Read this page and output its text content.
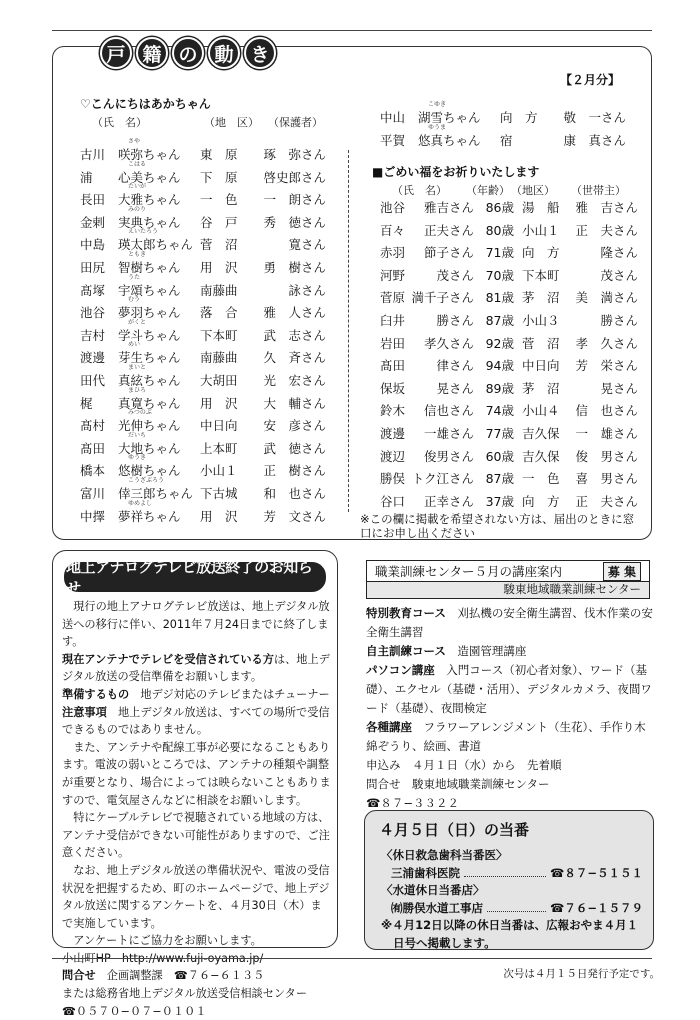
戸 籍 の 動 き
【２月分】
♡こんにちはあかちゃん
（氏　名）	（地　区） （保護者）
古川
さや
咲弥ちゃん	東　原	琢　弥さん
浦
こはる
心美ちゃん	下　原	啓史郎さん
長田
たいが
大雅ちゃん	一　色	一　朗さん
金剌
みのり
実典ちゃん	谷　戸	秀　徳さん
中島
えいたろう
瑛太郎ちゃん 菅　沼	寛さん
田尻
ともき
智樹ちゃん	用　沢	勇　樹さん
髙塚
うた
宇頌ちゃん	南藤曲	詠さん
池谷
むう
夢羽ちゃん	落　合	雅　人さん
吉村
がくと
学斗ちゃん	下本町	武　志さん
渡邊
めい
芽生ちゃん	南藤曲	久　斉さん
田代
まいと
真絃ちゃん	大胡田	光　宏さん
梶
まひろ
真寛ちゃん	用　沢	大　輔さん
髙村
みつのぶ
光伸ちゃん	中日向	安　彦さん
髙田
だいち
大地ちゃん	上本町	武　徳さん
橋本
ゆうき
悠樹ちゃん	小山１	正　樹さん
富川
こうざぶろう
倖三郎ちゃん 下古城	和　也さん
中擇
ゆめよし
夢祥ちゃん	用　沢	芳　文さん
中山
こゆき
湖雪ちゃん	向　方	敬　一さん
平賀
ゆうま
悠真ちゃん	宿	康　真さん
■ごめい福をお祈りいたします
（氏　名）	（年齢） （地区）	（世帯主）
池谷	雅吉さん 86歳 湯　船	雅　吉さん
百々	正夫さん 80歳 小山１	正　夫さん
赤羽	節子さん 71歳 向　方	隆さん
河野	茂さん 70歳 下本町	茂さん
菅原 満千子さん 81歳 茅　沼	美　満さん
臼井	勝さん 87歳 小山３	勝さん
岩田	孝久さん 92歳 菅　沼	孝　久さん
髙田	律さん 94歳 中日向	芳　栄さん
保坂	晃さん 89歳 茅　沼	晃さん
鈴木	信也さん 74歳 小山４	信　也さん
渡邊	一雄さん 77歳 吉久保	一　雄さん
渡辺	俊男さん 60歳 吉久保	俊　男さん
勝俣 トク江さん 87歳 一　色	喜　男さん
谷口	正幸さん 37歳 向　方	正　夫さん
※この欄に掲載を希望されない方は、届出のときに窓口にお申し出ください
地上アナログテレビ放送終了のお知らせ

　現行の地上アナログテレビ放送は、地上デジタル放送への移行に伴い、2011年７月24日までに終了します。

現在アンテナでテレビを受信されている方は、地上デジタル放送の受信準備をお願いします。

準備するもの　地デジ対応のテレビまたはチューナー

注意事項　地上デジタル放送は、すべての場所で受信できるものではありません。

　また、アンテナや配線工事が必要になることもあります。電波の弱いところでは、アンテナの種類や調整が重要となり、場合によっては映らないこともありますので、電気屋さんなどに相談をお願いします。

　特にケーブルテレビで視聴されている地域の方は、アンテナ受信ができない可能性がありますので、ご注意ください。

　なお、地上デジタル放送の準備状況や、電波の受信状況を把握するため、町のホームページで、地上デジタル放送に関するアンケートを、４月30日（木）まで実施しています。

　アンケートにご協力をお願いします。

小山町HP　http://www.fuji-oyama.jp/

問合せ　企画調整課　☎７６−６１３５

または総務省地上デジタル放送受信相談センター

☎０５７０−０７−０１０１

職業訓練センター５月の講座案内	募 集
駿東地域職業訓練センター
特別教育コース　刈払機の安全衛生講習、伐木作業の安全衛生講習
自主訓練コース　造園管理講座
パソコン講座　入門コース（初心者対象）、ワード（基礎）、エクセル（基礎・活用）、デジタルカメラ、夜間ワード（基礎）、夜間検定
各種講座　フラワーアレンジメント（生花）、手作り木綿ぞうり、絵画、書道
申込み　４月１日（水）から　先着順
問合せ　駿東地域職業訓練センター
☎８７−３３２２
４月５日（日）の当番
〈休日救急歯科当番医〉
三浦歯科医院	☎８７−５１５１
〈水道休日当番店〉
㈲勝俣水道工事店	☎７６−１５７９
※４月12日以降の休日当番は、広報おやま４月１日号へ掲載します。
次号は４月１５日発行予定です。
